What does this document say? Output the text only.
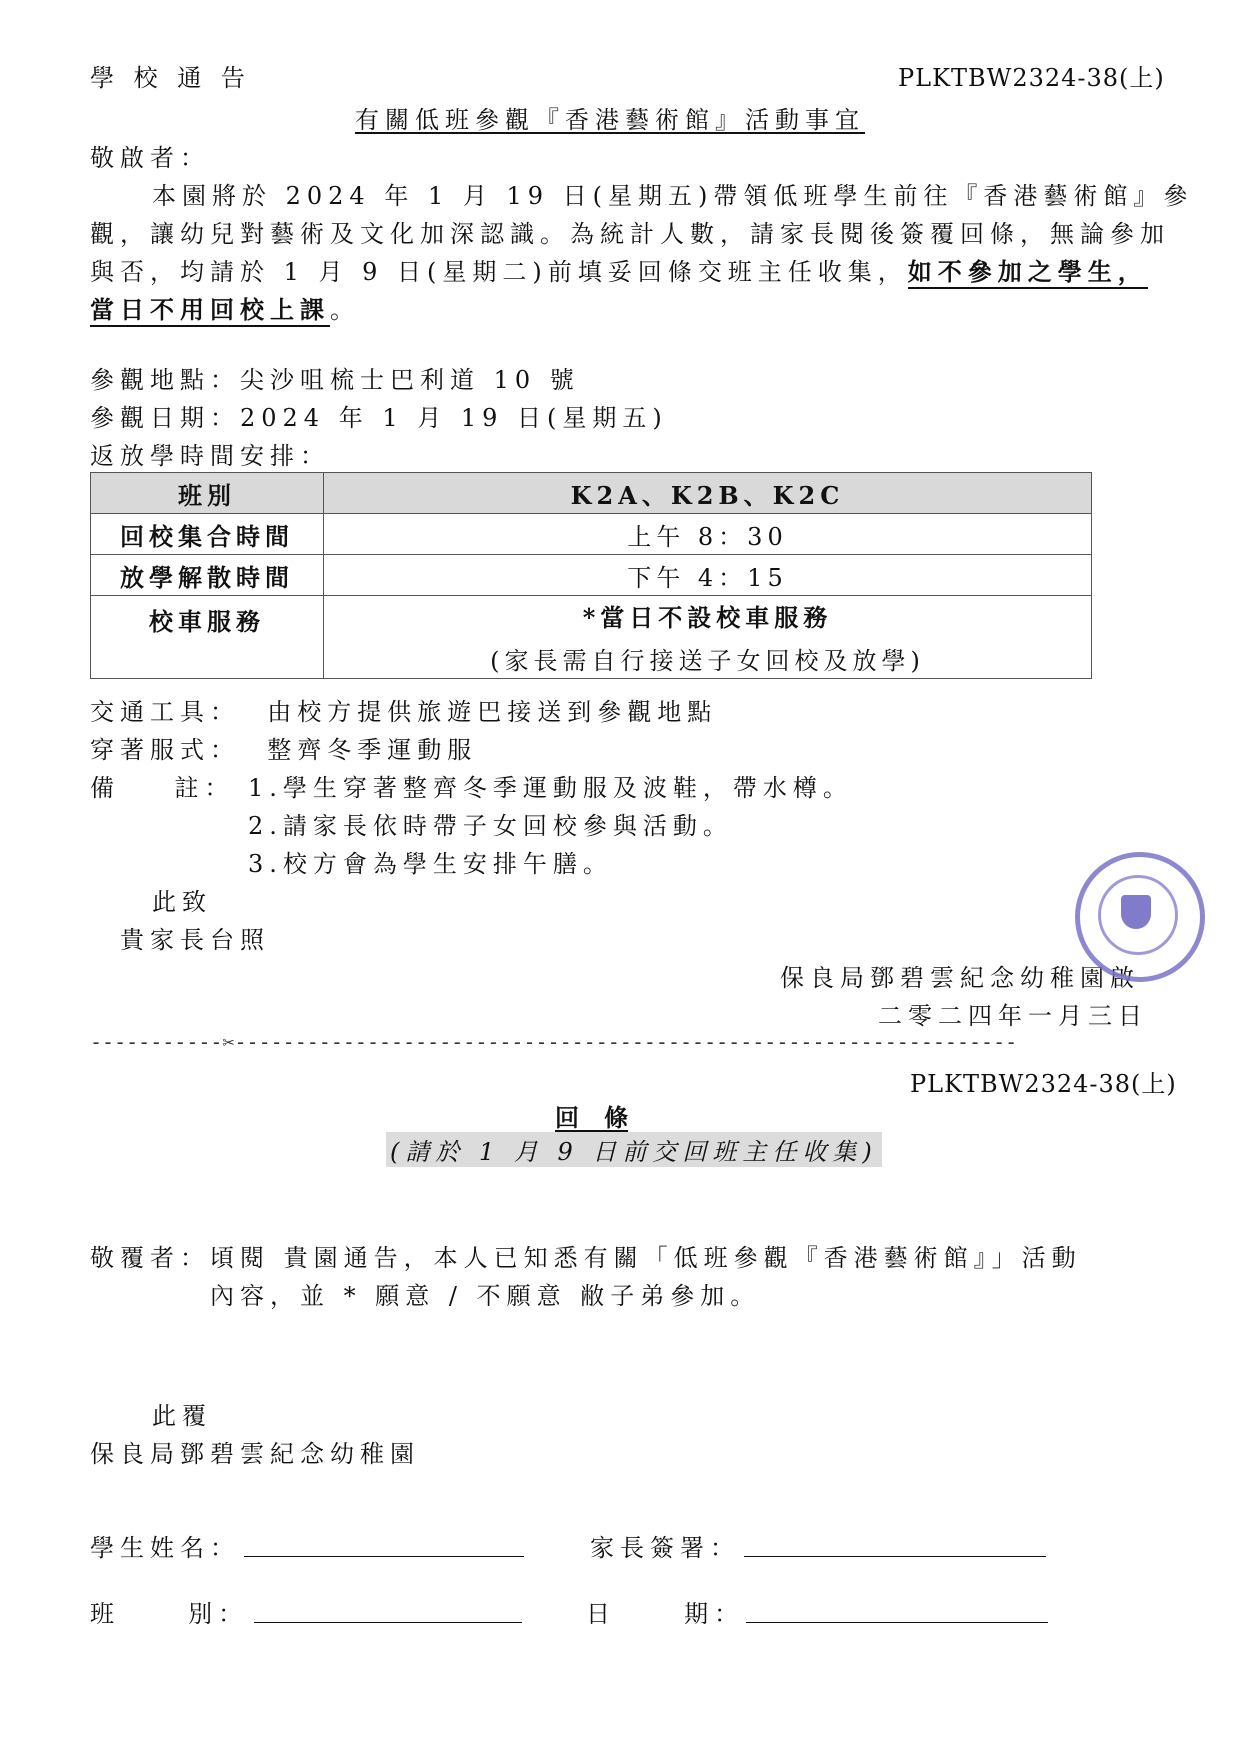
學 校 通 告	PLKTBW2324-38(上)
有關低班參觀『香港藝術館』活動事宜
敬啟者：
本園將於 2024 年 1 月 19 日(星期五)帶領低班學生前往『香港藝術館』參
觀，讓幼兒對藝術及文化加深認識。為統計人數，請家長閱後簽覆回條，無論參加
與否，均請於 1 月 9 日(星期二)前填妥回條交班主任收集，如不參加之學生，
當日不用回校上課。
參觀地點：尖沙咀梳士巴利道 10 號
參觀日期：2024 年 1 月 19 日(星期五)
返放學時間安排：
班別	K2A、K2B、K2C
回校集合時間	上午 8：30
放學解散時間	下午 4：15
校車服務	*當日不設校車服務
(家長需自行接送子女回校及放學)
交通工具：  由校方提供旅遊巴接送到參觀地點
穿著服式：  整齊冬季運動服
備    註： 1.學生穿著整齊冬季運動服及波鞋，帶水樽。
2.請家長依時帶子女回校參與活動。
3.校方會為學生安排午膳。
此致
貴家長台照
保良局鄧碧雲紀念幼稚園啟
二零二四年一月三日
-----------✂-----------------------------------------------------------------
PLKTBW2324-38(上)
回   條
(請於 1 月 9 日前交回班主任收集)
敬覆者：頃閱 貴園通告，本人已知悉有關「低班參觀『香港藝術館』」活動
內容，並 * 願意 / 不願意 敝子弟參加。
此覆
保良局鄧碧雲紀念幼稚園
學生姓名：	家長簽署：
班     別：	日     期：
